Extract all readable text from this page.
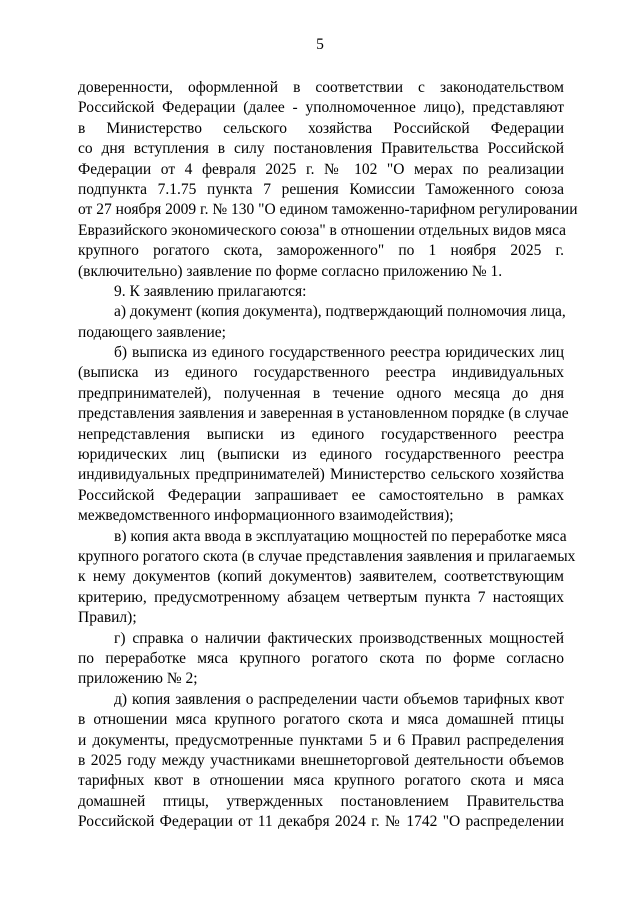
5
доверенности, оформленной в соответствии с законодательством
Российской Федерации (далее - уполномоченное лицо), представляют
в Министерство сельского хозяйства Российской Федерации
со дня вступления в силу постановления Правительства Российской
Федерации от 4 февраля 2025 г. № 102 "О мерах по реализации
подпункта 7.1.75 пункта 7 решения Комиссии Таможенного союза
от 27 ноября 2009 г. № 130 "О едином таможенно-тарифном регулировании
Евразийского экономического союза" в отношении отдельных видов мяса
крупного рогатого скота, замороженного" по 1 ноября 2025 г.
(включительно) заявление по форме согласно приложению № 1.
9. К заявлению прилагаются:
а) документ (копия документа), подтверждающий полномочия лица,
подающего заявление;
б) выписка из единого государственного реестра юридических лиц
(выписка из единого государственного реестра индивидуальных
предпринимателей), полученная в течение одного месяца до дня
представления заявления и заверенная в установленном порядке (в случае
непредставления выписки из единого государственного реестра
юридических лиц (выписки из единого государственного реестра
индивидуальных предпринимателей) Министерство сельского хозяйства
Российской Федерации запрашивает ее самостоятельно в рамках
межведомственного информационного взаимодействия);
в) копия акта ввода в эксплуатацию мощностей по переработке мяса
крупного рогатого скота (в случае представления заявления и прилагаемых
к нему документов (копий документов) заявителем, соответствующим
критерию, предусмотренному абзацем четвертым пункта 7 настоящих
Правил);
г) справка о наличии фактических производственных мощностей
по переработке мяса крупного рогатого скота по форме согласно
приложению № 2;
д) копия заявления о распределении части объемов тарифных квот
в отношении мяса крупного рогатого скота и мяса домашней птицы
и документы, предусмотренные пунктами 5 и 6 Правил распределения
в 2025 году между участниками внешнеторговой деятельности объемов
тарифных квот в отношении мяса крупного рогатого скота и мяса
домашней птицы, утвержденных постановлением Правительства
Российской Федерации от 11 декабря 2024 г. № 1742 "О распределении
